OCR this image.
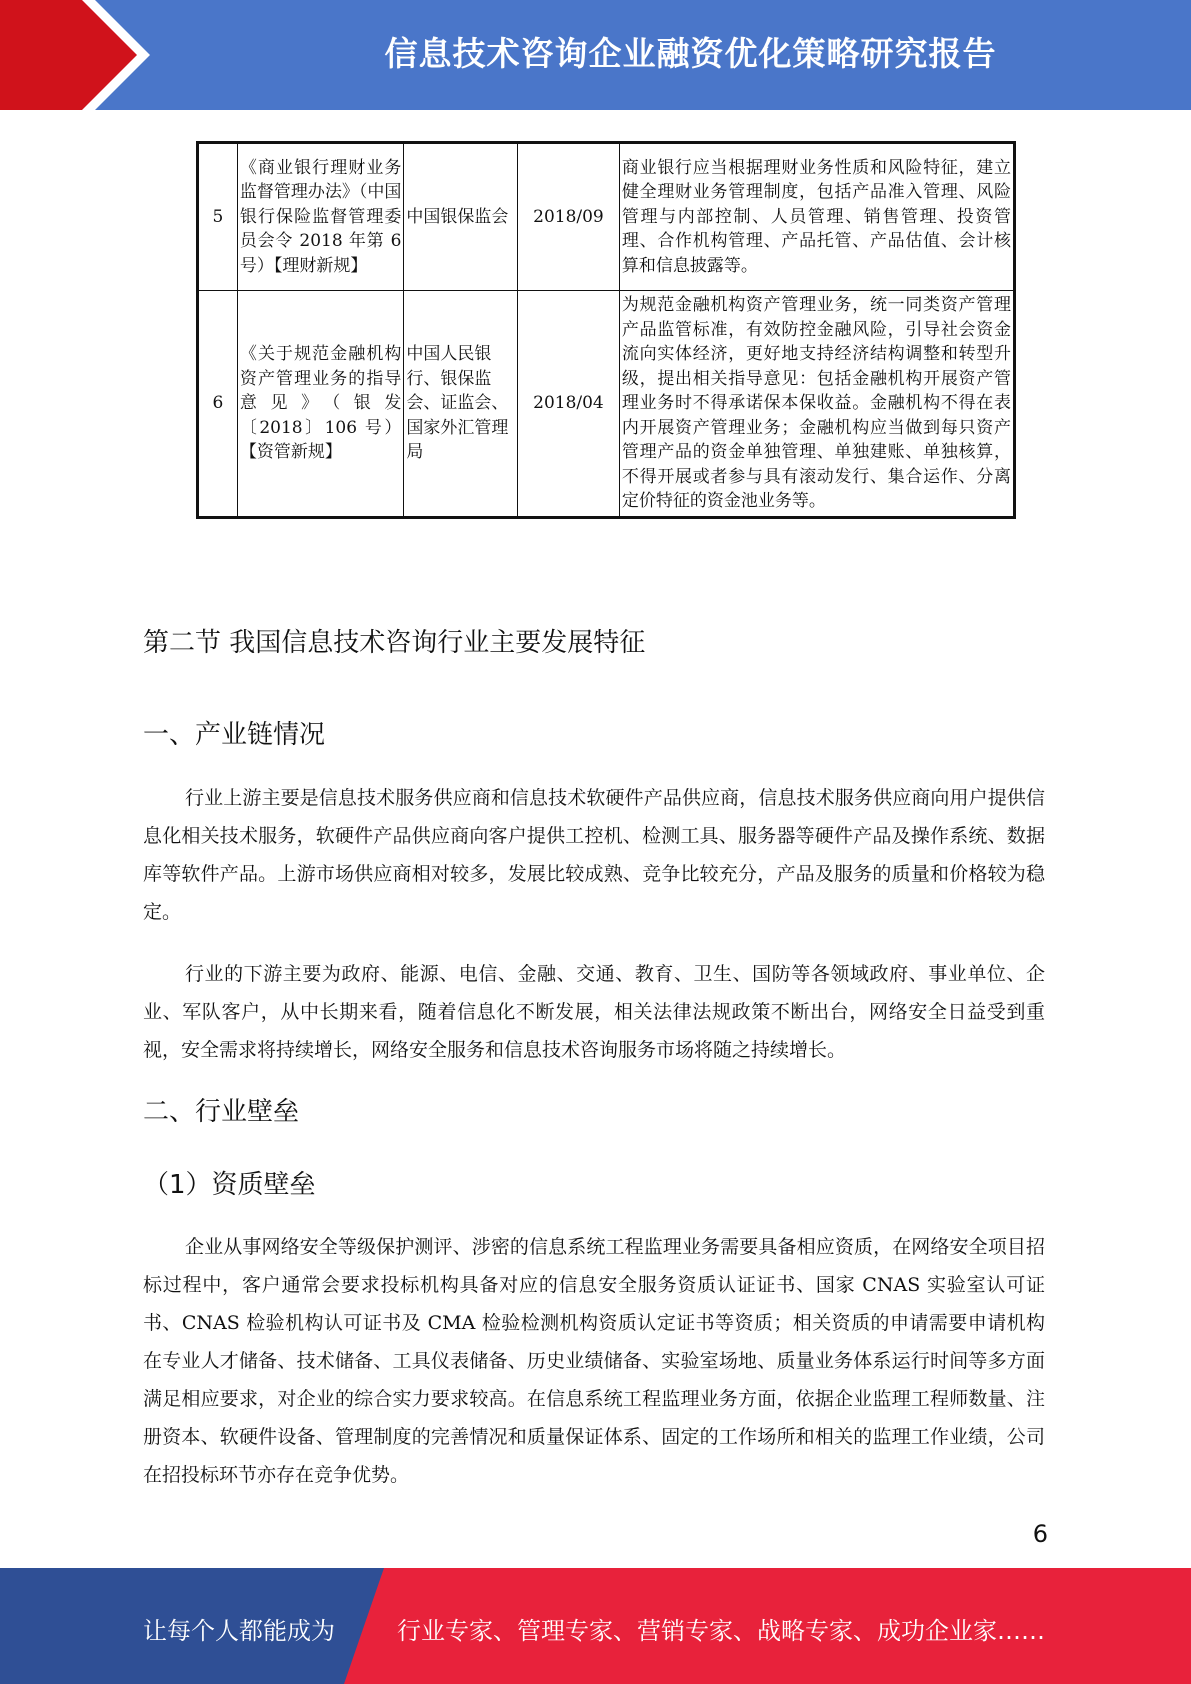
信息技术咨询企业融资优化策略研究报告
5	《商业银行理财业务监督管理办法》（中国银行保险监督管理委员会令 2018 年第 6 号）【理财新规】	中国银保监会	2018/09	商业银行应当根据理财业务性质和风险特征，建立健全理财业务管理制度，包括产品准入管理、风险管理与内部控制、人员管理、销售管理、投资管理、合作机构管理、产品托管、产品估值、会计核算和信息披露等。
6	《关于规范金融机构资产管理业务的指导意见》（银发〔2018〕106 号）【资管新规】	中国人民银行、银保监会、证监会、国家外汇管理局	2018/04	为规范金融机构资产管理业务，统一同类资产管理产品监管标准，有效防控金融风险，引导社会资金流向实体经济，更好地支持经济结构调整和转型升级，提出相关指导意见：包括金融机构开展资产管理业务时不得承诺保本保收益。金融机构不得在表内开展资产管理业务；金融机构应当做到每只资产管理产品的资金单独管理、单独建账、单独核算，不得开展或者参与具有滚动发行、集合运作、分离定价特征的资金池业务等。
第二节 我国信息技术咨询行业主要发展特征
一、产业链情况

行业上游主要是信息技术服务供应商和信息技术软硬件产品供应商，信息技术服务供应商向用户提供信息化相关技术服务，软硬件产品供应商向客户提供工控机、检测工具、服务器等硬件产品及操作系统、数据库等软件产品。上游市场供应商相对较多，发展比较成熟、竞争比较充分，产品及服务的质量和价格较为稳定。

行业的下游主要为政府、能源、电信、金融、交通、教育、卫生、国防等各领域政府、事业单位、企业、军队客户，从中长期来看，随着信息化不断发展，相关法律法规政策不断出台，网络安全日益受到重视，安全需求将持续增长，网络安全服务和信息技术咨询服务市场将随之持续增长。

二、行业壁垒
（1）资质壁垒

企业从事网络安全等级保护测评、涉密的信息系统工程监理业务需要具备相应资质，在网络安全项目招标过程中，客户通常会要求投标机构具备对应的信息安全服务资质认证证书、国家 CNAS 实验室认可证书、CNAS 检验机构认可证书及 CMA 检验检测机构资质认定证书等资质；相关资质的申请需要申请机构在专业人才储备、技术储备、工具仪表储备、历史业绩储备、实验室场地、质量业务体系运行时间等多方面满足相应要求，对企业的综合实力要求较高。在信息系统工程监理业务方面，依据企业监理工程师数量、注册资本、软硬件设备、管理制度的完善情况和质量保证体系、固定的工作场所和相关的监理工作业绩，公司在招投标环节亦存在竞争优势。

6
让每个人都能成为	行业专家、管理专家、营销专家、战略专家、成功企业家……
